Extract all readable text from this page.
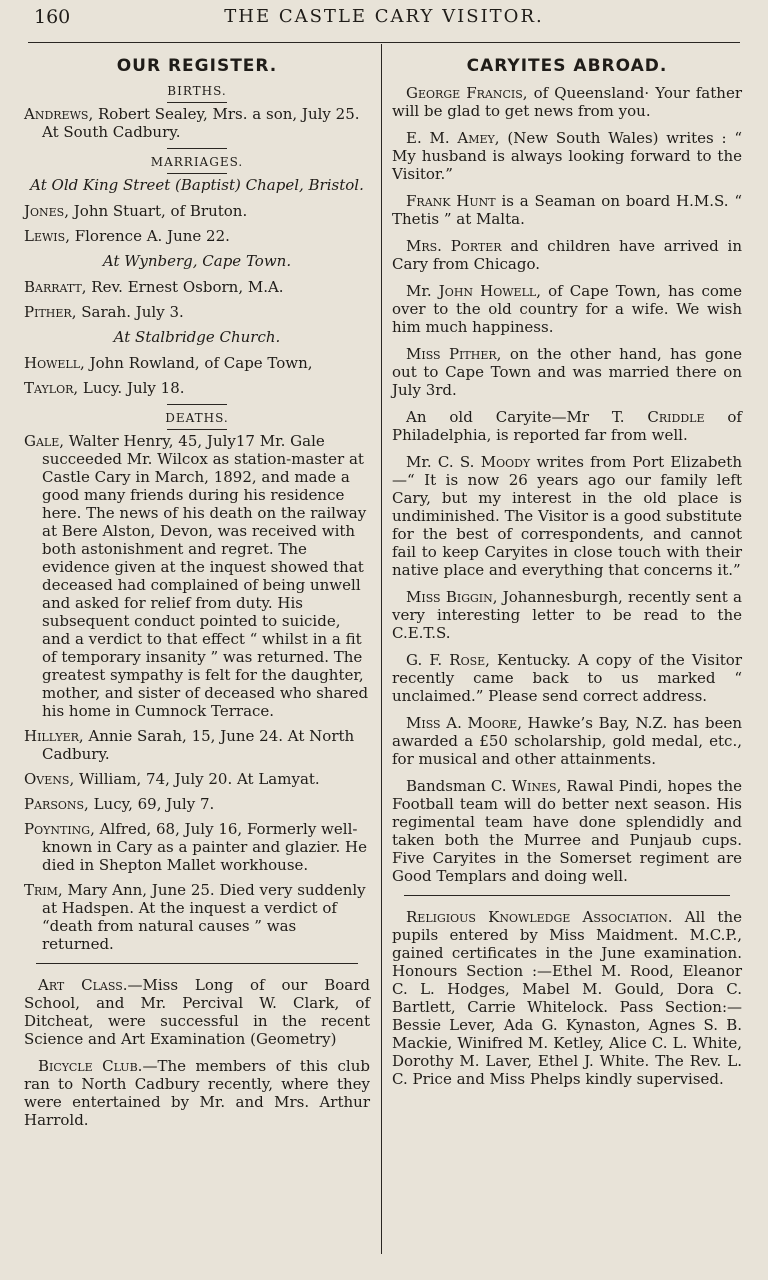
160	THE CASTLE CARY VISITOR.
OUR REGISTER.
BIRTHS.
Andrews, Robert Sealey, Mrs. a son, July 25. At South Cadbury.
MARRIAGES.
At Old King Street (Baptist) Chapel, Bristol.
Jones, John Stuart, of Bruton.
Lewis, Florence A. June 22.
At Wynberg, Cape Town.
Barratt, Rev. Ernest Osborn, M.A.
Pither, Sarah. July 3.
At Stalbridge Church.
Howell, John Rowland, of Cape Town,
Taylor, Lucy. July 18.
DEATHS.
Gale, Walter Henry, 45, July17 Mr. Gale succeeded Mr. Wilcox as station-master at Castle Cary in March, 1892, and made a good many friends during his residence here. The news of his death on the railway at Bere Alston, Devon, was received with both astonishment and regret. The evidence given at the inquest showed that deceased had complained of being unwell and asked for relief from duty. His subsequent conduct pointed to suicide, and a verdict to that effect “ whilst in a fit of temporary insanity ” was returned. The greatest sympathy is felt for the daughter, mother, and sister of deceased who shared his home in Cumnock Terrace.
Hillyer, Annie Sarah, 15, June 24. At North Cadbury.
Ovens, William, 74, July 20. At Lamyat.
Parsons, Lucy, 69, July 7.
Poynting, Alfred, 68, July 16, Formerly well-known in Cary as a painter and glazier. He died in Shepton Mallet workhouse.
Trim, Mary Ann, June 25. Died very suddenly at Hadspen. At the inquest a verdict of “death from natural causes ” was returned.
Art Class.—Miss Long of our Board School, and Mr. Percival W. Clark, of Ditcheat, were successful in the recent Science and Art Examination (Geometry)
Bicycle Club.—The members of this club ran to North Cadbury recently, where they were entertained by Mr. and Mrs. Arthur Harrold.
CARYITES ABROAD.
George Francis, of Queensland· Your father will be glad to get news from you.
E. M. Amey, (New South Wales) writes : “ My husband is always looking forward to the Visitor.”
Frank Hunt is a Seaman on board H.M.S. “ Thetis ” at Malta.
Mrs. Porter and children have arrived in Cary from Chicago.
Mr. John Howell, of Cape Town, has come over to the old country for a wife. We wish him much happiness.
Miss Pither, on the other hand, has gone out to Cape Town and was married there on July 3rd.
An old Caryite—Mr T. Criddle of Philadelphia, is reported far from well.
Mr. C. S. Moody writes from Port Elizabeth—“ It is now 26 years ago our family left Cary, but my interest in the old place is undiminished. The Visitor is a good substitute for the best of correspondents, and cannot fail to keep Caryites in close touch with their native place and everything that concerns it.”
Miss Biggin, Johannesburgh, recently sent a very interesting letter to be read to the C.E.T.S.
G. F. Rose, Kentucky. A copy of the Visitor recently came back to us marked “ unclaimed.” Please send correct address.
Miss A. Moore, Hawke’s Bay, N.Z. has been awarded a £50 scholarship, gold medal, etc., for musical and other attainments.
Bandsman C. Wines, Rawal Pindi, hopes the Football team will do better next season. His regimental team have done splendidly and taken both the Murree and Punjaub cups. Five Caryites in the Somerset regiment are Good Templars and doing well.
Religious Knowledge Association. All the pupils entered by Miss Maidment. M.C.P., gained certificates in the June examination. Honours Section :—Ethel M. Rood, Eleanor C. L. Hodges, Mabel M. Gould, Dora C. Bartlett, Carrie Whitelock. Pass Section:—Bessie Lever, Ada G. Kynaston, Agnes S. B. Mackie, Winifred M. Ketley, Alice C. L. White, Dorothy M. Laver, Ethel J. White. The Rev. L. C. Price and Miss Phelps kindly supervised.
